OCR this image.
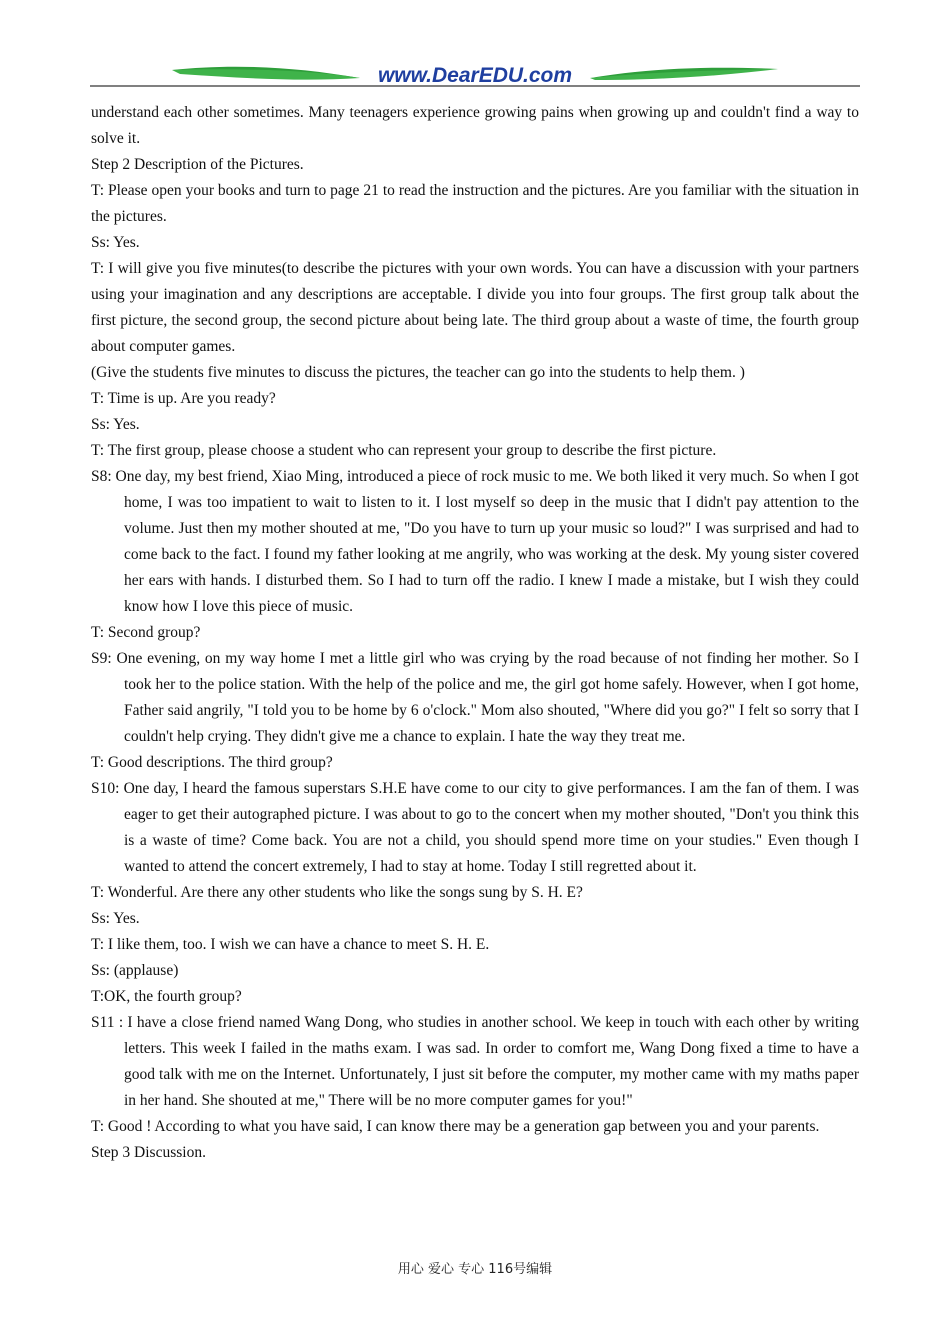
www.DearEDU.com

understand each other sometimes. Many teenagers experience growing pains when growing up and couldn't find a way to solve it.

Step 2 Description of the Pictures.

T: Please open your books and turn to page 21 to read the instruction and the pictures. Are you familiar with the situation in the pictures.

Ss: Yes.

T: I will give you five minutes(to describe the pictures with your own words. You can have a discussion with your partners using your imagination and any descriptions are acceptable. I divide you into four groups. The first group talk about the first picture, the second group, the second picture about being late. The third group about a waste of time, the fourth group about computer games.

(Give the students five minutes to discuss the pictures, the teacher can go into the students to help them. )

T: Time is up. Are you ready?

Ss: Yes.

T: The first group, please choose a student who can represent your group to describe the first picture.

S8: One day, my best friend, Xiao Ming, introduced a piece of rock music to me. We both liked it very much. So when I got home, I was too impatient to wait to listen to it. I lost myself so deep in the music that I didn't pay attention to the volume. Just then my mother shouted at me, "Do you have to turn up your music so loud?" I was surprised and had to come back to the fact. I found my father looking at me angrily, who was working at the desk. My young sister covered her ears with hands. I disturbed them. So I had to turn off the radio. I knew I made a mistake, but I wish they could know how I love this piece of music.

T: Second group?

S9: One evening, on my way home I met a little girl who was crying by the road because of not finding her mother. So I took her to the police station. With the help of the police and me, the girl got home safely. However, when I got home, Father said angrily, "I told you to be home by 6 o'clock." Mom also shouted, "Where did you go?" I felt so sorry that I couldn't help crying. They didn't give me a chance to explain. I hate the way they treat me.

T: Good descriptions. The third group?

S10: One day, I heard the famous superstars S.H.E have come to our city to give performances. I am the fan of them. I was eager to get their autographed picture. I was about to go to the concert when my mother shouted, "Don't you think this is a waste of time? Come back. You are not a child, you should spend more time on your studies." Even though I wanted to attend the concert extremely, I had to stay at home. Today I still regretted about it.

T: Wonderful. Are there any other students who like the songs sung by S. H. E?

Ss: Yes.

T: I like them, too. I wish we can have a chance to meet S. H. E.

Ss: (applause)

T:OK, the fourth group?

S11 : I have a close friend named Wang Dong, who studies in another school. We keep in touch with each other by writing letters. This week I failed in the maths exam. I was sad. In order to comfort me, Wang Dong fixed a time to have a good talk with me on the Internet. Unfortunately, I just sit before the computer, my mother came with my maths paper in her hand. She shouted at me," There will be no more computer games for you!"

T: Good ! According to what you have said, I can know there may be a generation gap between you and your parents.

Step 3 Discussion.

用心 爱心 专心 116号编辑
